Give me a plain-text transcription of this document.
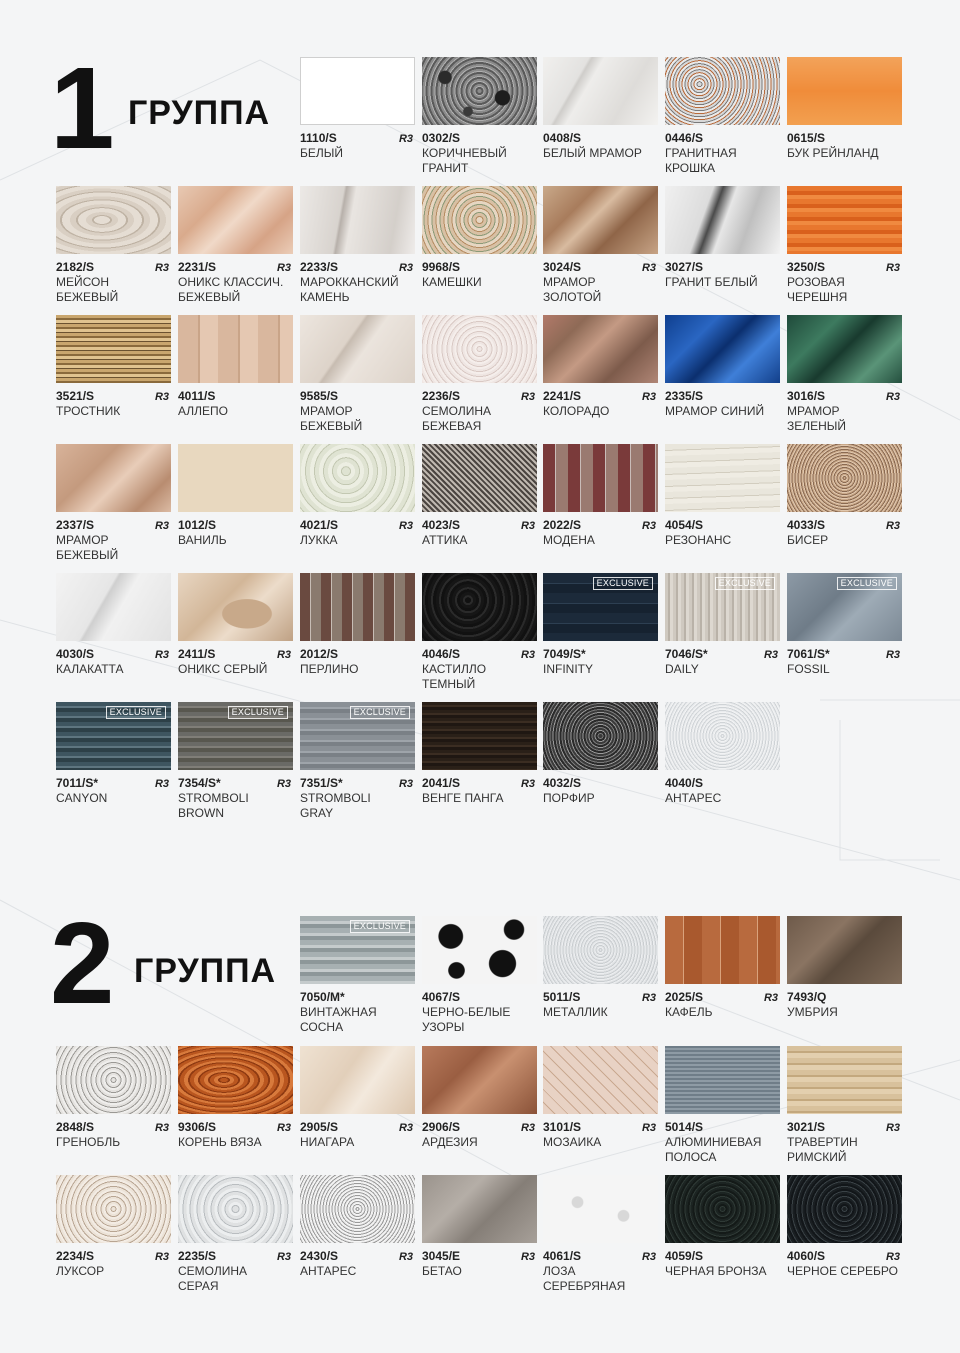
1 ГРУППА
1110/S	R3
БЕЛЫЙ
0302/S
КОРИЧНЕВЫЙ
ГРАНИТ
0408/S
БЕЛЫЙ МРАМОР
0446/S
ГРАНИТНАЯ
КРОШКА
0615/S
БУК РЕЙНЛАНД
2182/S	R3
МЕЙСОН
БЕЖЕВЫЙ
2231/S	R3
ОНИКС КЛАССИЧ.
БЕЖЕВЫЙ
2233/S	R3
МАРОККАНСКИЙ
КАМЕНЬ
9968/S
КАМЕШКИ
3024/S	R3
МРАМОР
ЗОЛОТОЙ
3027/S
ГРАНИТ БЕЛЫЙ
3250/S	R3
РОЗОВАЯ
ЧЕРЕШНЯ
3521/S	R3
ТРОСТНИК
4011/S
АЛЛЕПО
9585/S
МРАМОР
БЕЖЕВЫЙ
2236/S	R3
СЕМОЛИНА
БЕЖЕВАЯ
2241/S	R3
КОЛОРАДО
2335/S
МРАМОР СИНИЙ
3016/S	R3
МРАМОР
ЗЕЛЕНЫЙ
2337/S	R3
МРАМОР
БЕЖЕВЫЙ
1012/S
ВАНИЛЬ
4021/S	R3
ЛУККА
4023/S	R3
АТТИКА
2022/S	R3
МОДЕНА
4054/S
РЕЗОНАНС
4033/S	R3
БИСЕР
4030/S	R3
КАЛАКАТТА
2411/S	R3
ОНИКС СЕРЫЙ
2012/S
ПЕРЛИНО
4046/S	R3
КАСТИЛЛО
ТЕМНЫЙ
EXCLUSIVE
7049/S*
INFINITY
EXCLUSIVE
7046/S*	R3
DAILY
EXCLUSIVE
7061/S*	R3
FOSSIL
EXCLUSIVE
7011/S*	R3
CANYON
EXCLUSIVE
7354/S*	R3
STROMBOLI
BROWN
EXCLUSIVE
7351/S*	R3
STROMBOLI
GRAY
2041/S	R3
ВЕНГЕ ПАНГА
4032/S
ПОРФИР
4040/S
АНТАРЕС
2 ГРУППА
EXCLUSIVE
7050/M*
ВИНТАЖНАЯ
СОСНА
4067/S
ЧЕРНО-БЕЛЫЕ
УЗОРЫ
5011/S	R3
МЕТАЛЛИК
2025/S	R3
КАФЕЛЬ
7493/Q
УМБРИЯ
2848/S	R3
ГРЕНОБЛЬ
9306/S	R3
КОРЕНЬ ВЯЗА
2905/S	R3
НИАГАРА
2906/S	R3
АРДЕЗИЯ
3101/S	R3
МОЗАИКА
5014/S
АЛЮМИНИЕВАЯ
ПОЛОСА
3021/S	R3
ТРАВЕРТИН
РИМСКИЙ
2234/S	R3
ЛУКСОР
2235/S	R3
СЕМОЛИНА
СЕРАЯ
2430/S	R3
АНТАРЕС
3045/E	R3
БЕТАО
4061/S	R3
ЛОЗА
СЕРЕБРЯНАЯ
4059/S
ЧЕРНАЯ БРОНЗА
4060/S	R3
ЧЕРНОЕ СЕРЕБРО
